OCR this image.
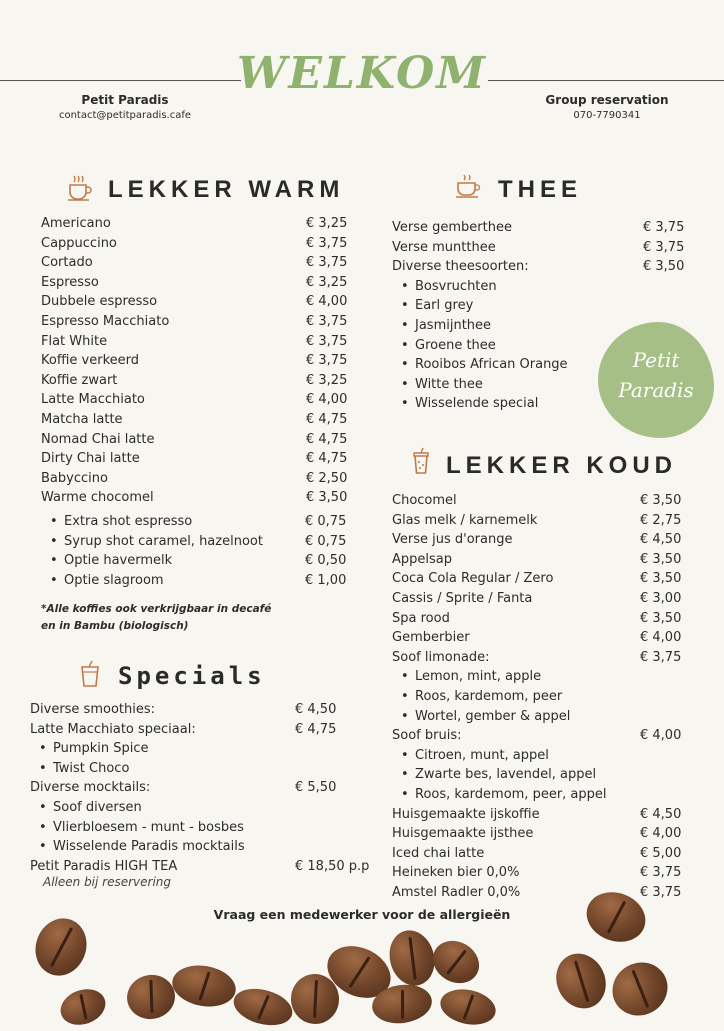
WELKOM
Petit Paradis
contact@petitparadis.cafe
Group reservation
070-7790341
LEKKER WARM
Americano	€ 3,25
Cappuccino	€ 3,75
Cortado	€ 3,75
Espresso	€ 3,25
Dubbele espresso	€ 4,00
Espresso Macchiato	€ 3,75
Flat White	€ 3,75
Koffie verkeerd	€ 3,75
Koffie zwart	€ 3,25
Latte Macchiato	€ 4,00
Matcha latte	€ 4,75
Nomad Chai latte	€ 4,75
Dirty Chai latte	€ 4,75
Babyccino	€ 2,50
Warme chocomel	€ 3,50
• Extra shot espresso	€ 0,75
• Syrup shot caramel, hazelnoot	€ 0,75
• Optie havermelk	€ 0,50
• Optie slagroom	€ 1,00
*Alle koffies ook verkrijgbaar in decafé
en in Bambu (biologisch)
Specials
Diverse smoothies:	€ 4,50
Latte Macchiato speciaal:	€ 4,75
• Pumpkin Spice
• Twist Choco
Diverse mocktails:	€ 5,50
• Soof diversen
• Vlierbloesem - munt - bosbes
• Wisselende Paradis mocktails
Petit Paradis HIGH TEA	€ 18,50 p.p
Alleen bij reservering
THEE
Verse gemberthee	€ 3,75
Verse muntthee	€ 3,75
Diverse theesoorten:	€ 3,50
• Bosvruchten
• Earl grey
• Jasmijnthee
• Groene thee
• Rooibos African Orange
• Witte thee
• Wisselende special
Petit
Paradis
LEKKER KOUD
Chocomel	€ 3,50
Glas melk / karnemelk	€ 2,75
Verse jus d'orange	€ 4,50
Appelsap	€ 3,50
Coca Cola Regular / Zero	€ 3,50
Cassis / Sprite / Fanta	€ 3,00
Spa rood	€ 3,50
Gemberbier	€ 4,00
Soof limonade:	€ 3,75
• Lemon, mint, apple
• Roos, kardemom, peer
• Wortel, gember & appel
Soof bruis:	€ 4,00
• Citroen, munt, appel
• Zwarte bes, lavendel, appel
• Roos, kardemom, peer, appel
Huisgemaakte ijskoffie	€ 4,50
Huisgemaakte ijsthee	€ 4,00
Iced chai latte	€ 5,00
Heineken bier 0,0%	€ 3,75
Amstel Radler 0,0%	€ 3,75
Vraag een medewerker voor de allergieën
